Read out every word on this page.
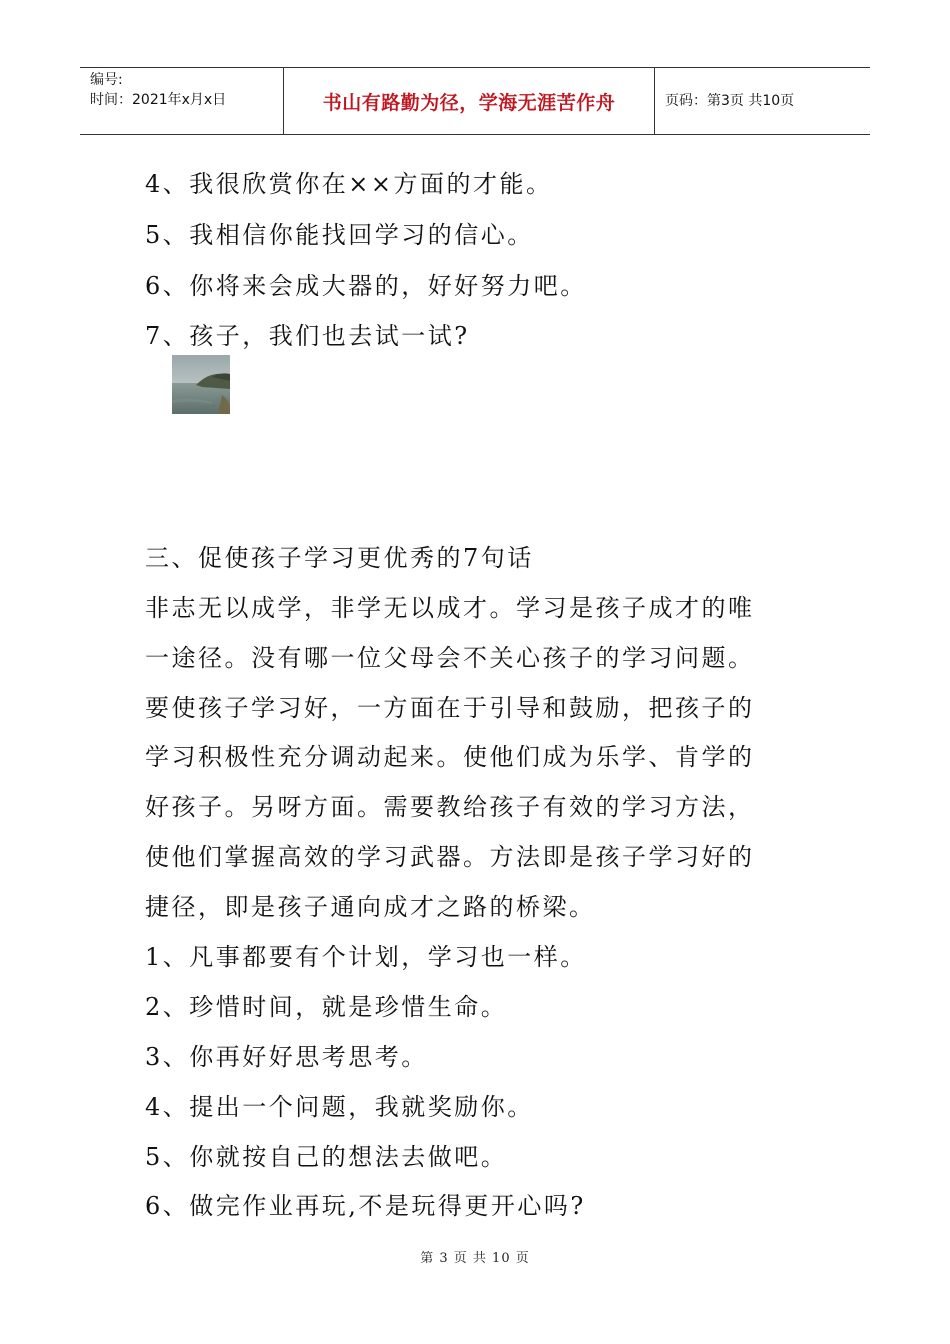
编号:
时间：2021年x月x日	书山有路勤为径，学海无涯苦作舟	页码：第3页 共10页
4、我很欣赏你在××方面的才能。
5、我相信你能找回学习的信心。
6、你将来会成大器的，好好努力吧。
7、孩子，我们也去试一试?
三、促使孩子学习更优秀的7句话
非志无以成学，非学无以成才。学习是孩子成才的唯
一途径。没有哪一位父母会不关心孩子的学习问题。
要使孩子学习好，一方面在于引导和鼓励，把孩子的
学习积极性充分调动起来。使他们成为乐学、肯学的
好孩子。另呀方面。需要教给孩子有效的学习方法，
使他们掌握高效的学习武器。方法即是孩子学习好的
捷径，即是孩子通向成才之路的桥梁。
1、凡事都要有个计划，学习也一样。
2、珍惜时间，就是珍惜生命。
3、你再好好思考思考。
4、提出一个问题，我就奖励你。
5、你就按自己的想法去做吧。
6、做完作业再玩,不是玩得更开心吗?
第 3 页 共 10 页
